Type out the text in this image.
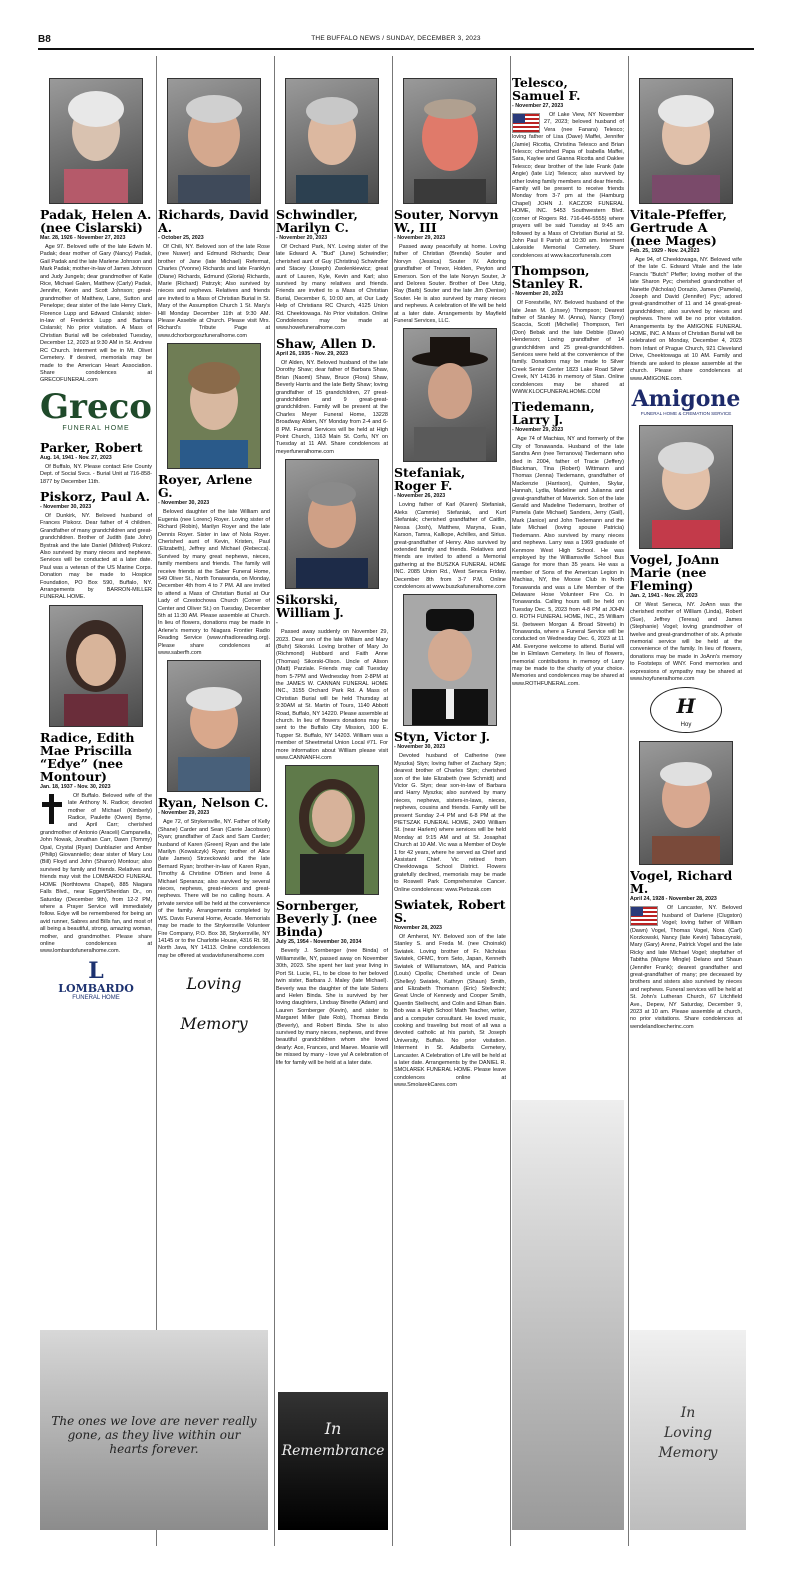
B8	THE BUFFALO NEWS / SUNDAY, DECEMBER 3, 2023
Padak, Helen A. (nee Cislarski)
Mar. 28, 1926 - November 27, 2023

Age 97. Beloved wife of the late Edwin M. Padak; dear mother of Gary (Nancy) Padak, Gail Padak and the late Marlene Johnson and Mark Padak; mother-in-law of James Johnson and Judy Jungels; dear grandmother of Katie Rice, Michael Galen, Matthew (Carly) Padak, Jennifer, Kevin and Scott Johnson; great-grandmother of Matthew, Lane, Sutton and Penelope; dear sister of the late Henry Clark, Florence Lupp and Edward Cislarski; sister-in-law of Frederick Lupp and Barbara Cislarski; No prior visitation. A Mass of Christian Burial will be celebrated Tuesday, December 12, 2023 at 9:30 AM in St. Andrew RC Church. Interment will be in Mt. Olivet Cemetery. If desired, memorials may be made to the American Heart Association. Share condolences at GRECOFUNERAL.com

Greco
FUNERAL HOME
Parker, Robert
Aug. 14, 1941 - Nov. 27, 2023

Of Buffalo, NY. Please contact Erie County Dept. of Social Svcs. - Burial Unit at 716-858-1877 by December 11th.

Piskorz, Paul A.
- November 30, 2023

Of Dunkirk, NY. Beloved husband of Frances Piskorz. Dear father of 4 children. Grandfather of many grandchildren and great-grandchildren. Brother of Judith (late John) Bystrak and the late Daniel (Mildred) Piskorz. Also survived by many nieces and nephews. Services will be conducted at a later date. Paul was a veteran of the US Marine Corps. Donation may be made to Hospice Foundation, PO Box 590, Buffalo, NY. Arrangements by BARRON-MILLER FUNERAL HOME.

Radice, Edith Mae Priscilla “Edye” (nee Montour)
Jan. 18, 1937 - Nov. 30, 2023

Of Buffalo. Beloved wife of the late Anthony N. Radice; devoted mother of Michael (Kimberly) Radice, Paulette (Owen) Byrne, and April Carr; cherished grandmother of Antonio (Araceli) Campanella, John Nowak, Jonathan Carr, Dawn (Tommy) Opal, Crystal (Ryan) Dunblazier and Amber (Philip) Giovanniello; dear sister of Mary Lou (Bill) Floyd and John (Sharon) Montour; also survived by family and friends. Relatives and friends may visit the LOMBARDO FUNERAL HOME (Northtowns Chapel), 885 Niagara Falls Blvd., near Eggert/Sheridan Dr., on Saturday (December 9th), from 12-2 PM, where a Prayer Service will immediately follow. Edye will be remembered for being an avid runner, Sabres and Bills fan, and most of all being a beautiful, strong, amazing woman, mother, and grandmother. Please share online condolences at www.lombardofuneralhome.com.

L
LOMBARDO
FUNERAL HOME
Richards, David A.
- October 25, 2023

Of Chili, NY. Beloved son of the late Rose (nee Nuwer) and Edmund Richards; Dear brother of Jane (late Michael) Refermat, Charles (Yvonne) Richards and late Franklyn (Diane) Richards, Edmund (Gloria) Richards, Marie (Richard) Patrzyk; Also survived by nieces and nephews. Relatives and friends are invited to a Mass of Christian Burial in St. Mary of the Assumption Church 1 St. Mary's Hill Monday December 11th at 9:30 AM. Please Asseble at Church. Please visit Mrs. Richard's Tribute Page at www.dchorborgoszfuneralhome.com

Royer, Arlene G.
- November 30, 2023

Beloved daughter of the late William and Eugenia (nee Lorenc) Royer. Loving sister of Richard (Robin), Marilyn Royer and the late Dennis Royer. Sister in law of Nola Royer. Cherished aunt of Kevin, Kristen, Paul (Elizabeth), Jeffrey and Michael (Rebecca). Survived by many great nephews, nieces, family members and friends. The family will receive friends at the Saber Funeral Home, 549 Oliver St., North Tonawanda, on Monday, December 4th from 4 to 7 PM. All are invited to attend a Mass of Christian Burial at Our Lady of Czestochowa Church (Corner of Center and Oliver St.) on Tuesday, December 5th at 11:30 AM. Please assemble at Church. In lieu of flowers, donations may be made in Arlene's memory to Niagara Frontier Radio Reading Service (www.nfradioreading.org). Please share condolences at www.saberfh.com

Ryan, Nelson C.
- November 29, 2023

Age 72, of Strykersville, NY. Father of Kelly (Shane) Carder and Sean (Carrie Jacobson) Ryan; grandfather of Zack and Sam Carder; husband of Karen (Green) Ryan and the late Marilyn (Kowalczyk) Ryan; brother of Alice (late James) Strzeckowski and the late Bernard Ryan; brother-in-law of Karen Ryan, Timothy & Christine O'Brien and Irene & Michael Speranza; also survived by several nieces, nephews, great-nieces and great-nephews. There will be no calling hours. A private service will be held at the convenience of the family. Arrangements completed by WS. Davis Funeral Home, Arcade. Memorials may be made to the Strykersville Volunteer Fire Company, P.O. Box 38, Strykersville, NY 14145 or to the Charlotte House, 4316 Rt. 98, North Java, NY 14113. Online condolences may be offered at wsdavisfuneralhome.com

Loving Memory
Schwindler, Marilyn C.
- November 20, 2023

Of Orchard Park, NY. Loving sister of the late Edward A. "Bud" (June) Schwindler; cherished aunt of Guy (Christina) Schwindler and Stacey (Joseph) Zwolenkiewicz; great aunt of Lauren, Kyle, Kevin and Karl; also survived by many relatives and friends. Friends are invited to a Mass of Christian Burial, December 6, 10:00 am, at Our Lady Help of Christians RC Church, 4125 Union Rd. Cheektowaga. No Prior visitation. Online Condolences may be made at www.howefuneralhome.com

Shaw, Allen D.
April 26, 1935 - Nov. 29, 2023

Of Alden, NY. Beloved husband of the late Dorothy Shaw; dear father of Barbara Shaw, Brian (Naomi) Shaw, Bruce (Flora) Shaw, Beverly Harris and the late Betty Shaw; loving grandfather of 15 grandchildren, 27 great-grandchildren and 9 great-great-grandchildren. Family will be present at the Charles Meyer Funeral Home, 13228 Broadway Alden, NY Monday from 2-4 and 6-8 PM. Funeral Services will be held at High Point Church, 1163 Main St. Corfu, NY on Tuesday at 11 AM. Share condolences at meyerfuneralhome.com

Sikorski, William J.
-

Passed away suddenly on November 29, 2023. Dear son of the late William and Mary (Buhr) Sikorski. Loving brother of Mary Jo (Richmond) Hubbard and Faith Anne (Thomas) Sikorski-Olson. Uncle of Alison (Matt) Parziale. Friends may call Tuesday from 5-7PM and Wednesday from 2-8PM at the JAMES W. CANNAN FUNERAL HOME INC., 3155 Orchard Park Rd. A Mass of Christian Burial will be held Thursday at 9:30AM at St. Martin of Tours, 1140 Abbott Road, Buffalo, NY 14220. Please assemble at church. In lieu of flowers donations may be sent to the Buffalo City Mission, 100 E. Tupper St. Buffalo, NY 14203. William was a member of Sheetmetal Union Local #71. For more information about William please visit www.CANNANFH.com

Sornberger, Beverly J. (nee Binda)
July 25, 1954 - November 30, 2034

Beverly J. Sornberger (nee Binda) of Williamsville, NY, passed away on November 30th, 2023. She spent her last year living in Port St. Lucie, FL, to be close to her beloved twin sister, Barbara J. Maley (late Michael). Beverly was the daughter of the late Sisters and Helen Binda. She is survived by her loving daughters, Lindsay Binette (Adam) and Lauren Sornberger (Kevin), and sister to Margaret Miller (late Rob), Thomas Binda (Beverly), and Robert Binda. She is also survived by many nieces, nephews, and three beautiful grandchildren whom she loved dearly: Ace, Frances, and Maeve. Moanie will be missed by many - love ya! A celebration of life for family will be held at a later date.

Souter, Norvyn W., III
- November 29, 2023

Passed away peacefully at home. Loving father of Christian (Brenda) Souter and Norvyn (Jessica) Souter IV. Adoring grandfather of Trevor, Holden, Peyton and Emerson. Son of the late Norvyn Souter, Jr and Delores Souter. Brother of Dee Utzig, Ray (Barb) Souter and the late Jim (Denise) Souter. He is also survived by many nieces and nephews. A celebration of life will be held at a later date. Arrangements by Mayfield Funeral Services, LLC.

Stefaniak, Roger F.
- November 26, 2023

Loving father of Karl (Karen) Stefaniak, Aleks (Cammie) Stefaniak, and Kurt Stefaniak; cherished grandfather of Caitlin, Nessa (Josh), Matthew, Maryna, Evan, Karson, Tamra, Kalliope, Achilles, and Sirius. great-grandfather of Henry. Also survived by extended family and friends. Relatives and friends are invited to attend a Memorial gathering at the BUSZKA FUNERAL HOME INC. 2085 Union Rd., West Seneca Friday, December 8th from 3-7 P.M. Online condolences at www.buszkafuneralhome.com

Styn, Victor J.
- November 30, 2023

Devoted husband of Catherine (nee Myszka) Styn; loving father of Zachary Styn; dearest brother of Charles Styn; cherished son of the late Elizabeth (nee Schmidt) and Victor G. Styn; dear son-in-law of Barbara and Harry Myszka; also survived by many nieces, nephews, sisters-in-laws, nieces, nephews, cousins and friends. Family will be present Sunday 2-4 PM and 6-8 PM at the PIETSZAK FUNERAL HOME, 2400 William St. (near Harlem) where services will be held Monday at 9:15 AM and at St. Josaphat Church at 10 AM. Vic was a Member of Doyle 1 for 42 years, where he served as Chief and Assistant Chief. Vic retired from Cheektowaga School District. Flowers gratefully declined, memorials may be made to Roswell Park Comprehensive Cancer. Online condolences: www.Pietszak.com

Swiatek, Robert S.
November 28, 2023

Of Amherst, NY. Beloved son of the late Stanley S. and Freda M. (nee Choinski) Swiatek. Loving brother of Fr. Nicholas Swiatek, OFMC, from Seto, Japan, Kenneth Swiatek of Williamstown, MA, and Patricia (Louis) Cipolla; Cherished uncle of Dean (Shelley) Swiatek, Kathryn (Shaun) Smith, and Elizabeth Thomann (Eric) Stellrecht; Great Uncle of Kennedy and Cooper Smith, Quentin Stellrecht, and Colin and Ethan Bain. Bob was a High School Math Teacher, writer, and a computer consultant. He loved music, cooking and traveling but most of all was a devoted catholic at his parish, St Joseph University, Buffalo. No prior visitation. Interment in St. Adalberts Cemetery, Lancaster. A Celebration of Life will be held at a later date. Arrangements by the DANIEL R. SMOLAREK FUNERAL HOME. Please leave condolences online at www.SmolarekCares.com

Telesco, Samuel F.
- November 27, 2023

Of Lake View, NY November 27, 2023; beloved husband of Vera (nee Fanara) Telesco; loving father of Lisa (Dave) Maffei, Jennifer (Jamie) Ricotta, Christina Telesco and Brian Telesco; cherished Papa of Isabella Maffei, Sara, Kaylee and Gianna Ricotta and Oaklee Telesco; dear brother of the late Frank (late Angie) (late Liz) Telesco; also survived by other loving family members and dear friends. Family will be present to receive friends Monday from 3-7 pm at the (Hamburg Chapel) JOHN J. KACZOR FUNERAL HOME, INC. 5453 Southwestern Blvd. (corner of Rogers Rd. 716-646-5555) where prayers will be said Tuesday at 9:45 am followed by a Mass of Christian Burial at St. John Paul II Parish at 10:30 am. Interment Lakeside Memorial Cemetery. Share condolences at www.kaczorfunerals.com

Thompson, Stanley R.
- November 20, 2023

Of Forestville, NY. Beloved husband of the late Jean M. (Linsey) Thompson; Dearest father of Stanley M. (Anna), Nancy (Tony) Scaccia, Scott (Michelle) Thompson, Teri (Don) Bebak and the late Debbie (Dave) Henderson; Loving grandfather of 14 grandchildren and 25 great-grandchildren. Services were held at the convenience of the family. Donations may be made to Silver Creek Senior Center 1823 Lake Road Silver Creek, NY 14136 in memory of Stan. Online condolences may be shared at WWW.KLOCFUNERALHOME.COM

Tiedemann, Larry J.
- November 29, 2023

Age 74 of Machias, NY and formerly of the City of Tonawanda. Husband of the late Sandra Ann (nee Terranova) Tiedemann who died in 2004, father of Tracie (Jeffery) Blackman, Tina (Robert) Wittmann and Thomas (Jenna) Tiedemann, grandfather of Mackenzie (Harrison), Quinten, Skylar, Hannah, Lydia, Madeline and Julianna and great-grandfather of Maverick. Son of the late Gerald and Madeline Tiedemann, brother of Pamela (late Michael) Sanders, Jerry (Gail), Mark (Janice) and John Tiedemann and the late Michael (loving spouse Patricia) Tiedemann. Also survived by many nieces and nephews. Larry was a 1969 graduate of Kenmore West High School. He was employed by the Williamsville School Bus Garage for more than 35 years. He was a member of Sons of the American Legion in Machias, NY, the Moose Club in North Tonawanda and was a Life Member of the Delaware Hose Volunteer Fire Co. in Tonawanda. Calling hours will be held on Tuesday Dec. 5, 2023 from 4-8 PM at JOHN O. ROTH FUNERAL HOME, INC., 25 William St. (between Morgan & Broad Streets) in Tonawanda, where a Funeral Service will be conducted on Wednesday Dec. 6, 2023 at 11 AM. Everyone welcome to attend. Burial will be in Elmlawn Cemetery. In lieu of flowers, memorial contributions in memory of Larry may be made to the charity of your choice. Memories and condolences may be shared at www.ROTHFUNERAL.com.

Vitale-Pfeffer, Gertrude A (nee Mages)
Feb. 25, 1929 - Nov. 24,2023

Age 94, of Cheektowaga, NY. Beloved wife of the late C. Edward Vitale and the late Francis "Butch" Pfeffer; loving mother of the late Sharon Pyc; cherished grandmother of Nanette (Nicholas) Dorazio, James (Pamela), Joseph and David (Jennifer) Pyc; adored great-grandmother of 11 and 14 great-great-grandchildren; also survived by nieces and nephews. There will be no prior visitation. Arrangements by the AMIGONE FUNERAL HOME, INC. A Mass of Christian Burial will be celebrated on Monday, December 4, 2023 from Infant of Prague Church, 921 Cleveland Drive, Cheektowaga at 10 AM. Family and friends are asked to please assemble at the church. Please share condolences at www.AMIGONE.com.

Amigone
FUNERAL HOME & CREMATION SERVICE
Vogel, JoAnn Marie (nee Fleming)
Jan. 2, 1941 - Nov. 28, 2023

Of West Seneca, NY. JoAnn was the cherished mother of William (Linda), Robert (Sue), Jeffrey (Teresa) and James (Stephanie) Vogel; loving grandmother of twelve and great-grandmother of six. A private memorial service will be held at the convenience of the family. In lieu of flowers, donations may be made in JoAnn's memory to Footsteps of WNY. Fond memories and expressions of sympathy may be shared at www.hoyfuneralhome.com

H
Hoy
Vogel, Richard M.
April 24, 1928 - November 28, 2023

Of Lancaster, NY. Beloved husband of Darlene (Clugston) Vogel; loving father of William (Dawn) Vogel, Thomas Vogel, Nora (Carl) Korzkowski, Nancy (late Kevin) Tabaczynski, Mary (Gary) Arenz, Patrick Vogel and the late Ricky and late Michael Vogel; stepfather of Tabitha (Wayne Mingle) Delano and Shaun (Jennifer Frank); dearest grandfather and great-grandfather of many; pre deceased by brothers and sisters also survived by nieces and nephews. Funeral services will be held at St. John's Lutheran Church, 67 Litchfield Ave., Depew, NY Saturday, December 9, 2023 at 10 am. Please assemble at church, no prior visitations. Share condolences at wendelandloecherinc.com

The ones we love are never really gone, as they live within our hearts forever.
In
Remembrance
In
Loving
Memory
